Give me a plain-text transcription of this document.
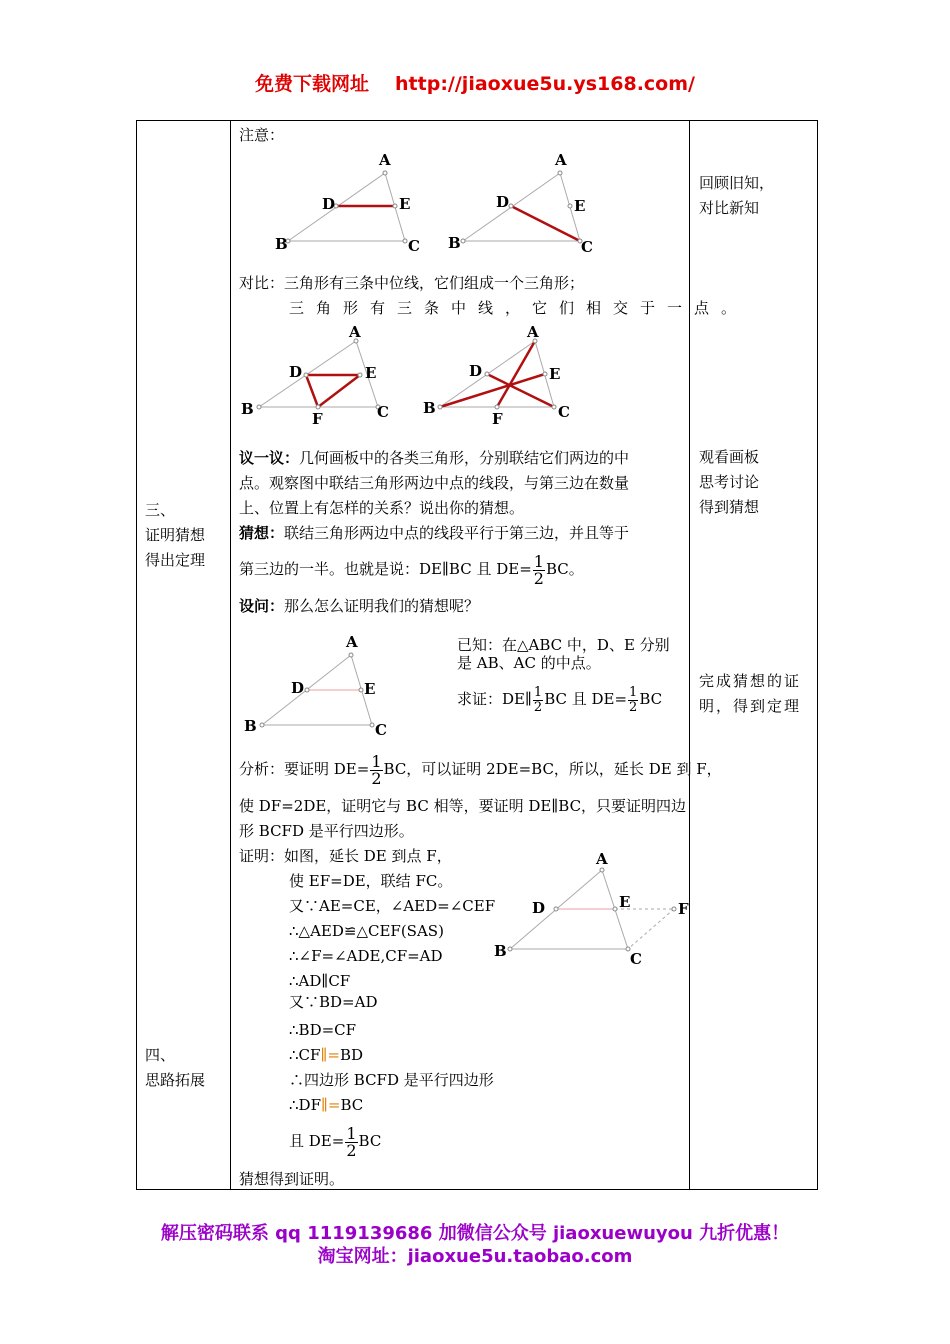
免费下载网址 http://jiaoxue5u.ys168.com/
三、
证明猜想
得出定理
四、
思路拓展
回顾旧知，
对比新知
观看画板
思考讨论
得到猜想
完成猜想的证
明，得到定理
注意：
A
D	E
B	C
A
D	E
B	C
对比：三角形有三条中位线，它们组成一个三角形；
三角形有三条中线，它们相交于一点。
A
D	E
B	C
F
A
D	E
B	C
F
议一议：几何画板中的各类三角形，分别联结它们两边的中
点。观察图中联结三角形两边中点的线段，与第三边在数量
上、位置上有怎样的关系？说出你的猜想。
猜想：联结三角形两边中点的线段平行于第三边，并且等于
第三边的一半。也就是说：DE∥BC 且 $DE= \frac{1}{2}$ BC。
设问：那么怎么证明我们的猜想呢？
A
D	E
B	C
已知：在△ABC 中，D、E 分别
是 AB、AC 的中点。
求证：DE∥ $\frac{1}{2}$ BC 且 $DE= \frac{1}{2}$ BC
分析：要证明 $DE= \frac{1}{2}$ BC，可以证明 2DE=BC，所以，延长 DE 到 F，
使 DF=2DE，证明它与 BC 相等，要证明 DE∥BC，只要证明四边
形 BCFD 是平行四边形。
证明：如图，延长 DE 到点 F，
使 EF=DE，联结 FC。
又∵AE=CE，∠AED=∠CEF
∴△AED≌△CEF(SAS)
∴∠F=∠ADE,CF=AD
∴AD∥CF
又∵BD=AD
∴BD=CF
∴CF∥=BD
∴四边形 BCFD 是平行四边形
∴DF∥=BC
且 $DE= \frac{1}{2}$ BC
猜想得到证明。
A
D	E	F
B	C
解压密码联系 qq 1119139686 加微信公众号 jiaoxuewuyou 九折优惠！
淘宝网址：jiaoxue5u.taobao.com
